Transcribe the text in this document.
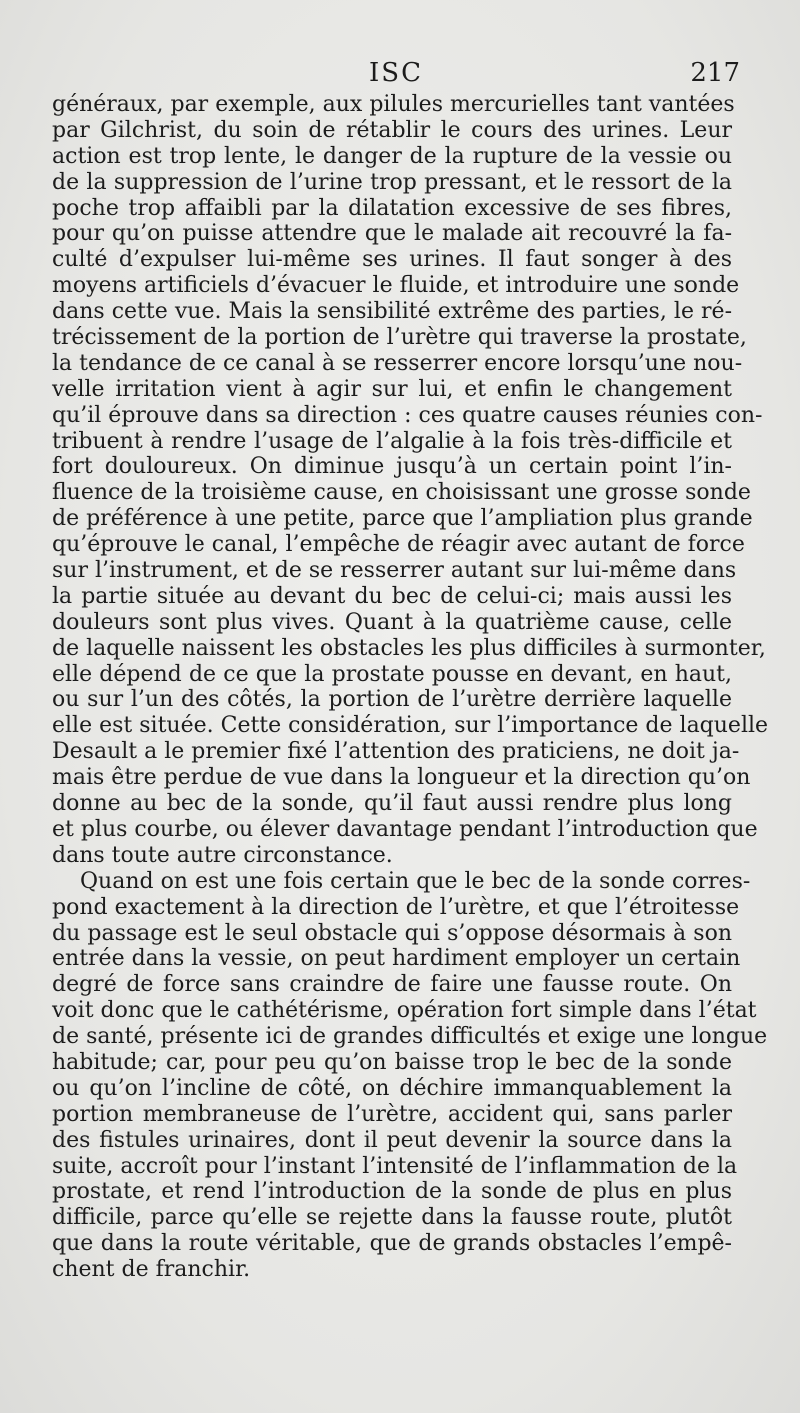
ISC	217
généraux, par exemple, aux pilules mercurielles tant vantées
par Gilchrist, du soin de rétablir le cours des urines. Leur
action est trop lente, le danger de la rupture de la vessie ou
de la suppression de l’urine trop pressant, et le ressort de la
poche trop affaibli par la dilatation excessive de ses fibres,
pour qu’on puisse attendre que le malade ait recouvré la fa-
culté d’expulser lui-même ses urines. Il faut songer à des
moyens artificiels d’évacuer le fluide, et introduire une sonde
dans cette vue. Mais la sensibilité extrême des parties, le ré-
trécissement de la portion de l’urètre qui traverse la prostate,
la tendance de ce canal à se resserrer encore lorsqu’une nou-
velle irritation vient à agir sur lui, et enfin le changement
qu’il éprouve dans sa direction : ces quatre causes réunies con-
tribuent à rendre l’usage de l’algalie à la fois très-difficile et
fort douloureux. On diminue jusqu’à un certain point l’in-
fluence de la troisième cause, en choisissant une grosse sonde
de préférence à une petite, parce que l’ampliation plus grande
qu’éprouve le canal, l’empêche de réagir avec autant de force
sur l’instrument, et de se resserrer autant sur lui-même dans
la partie située au devant du bec de celui-ci; mais aussi les
douleurs sont plus vives. Quant à la quatrième cause, celle
de laquelle naissent les obstacles les plus difficiles à surmonter,
elle dépend de ce que la prostate pousse en devant, en haut,
ou sur l’un des côtés, la portion de l’urètre derrière laquelle
elle est située. Cette considération, sur l’importance de laquelle
Desault a le premier fixé l’attention des praticiens, ne doit ja-
mais être perdue de vue dans la longueur et la direction qu’on
donne au bec de la sonde, qu’il faut aussi rendre plus long
et plus courbe, ou élever davantage pendant l’introduction que
dans toute autre circonstance.
Quand on est une fois certain que le bec de la sonde corres-
pond exactement à la direction de l’urètre, et que l’étroitesse
du passage est le seul obstacle qui s’oppose désormais à son
entrée dans la vessie, on peut hardiment employer un certain
degré de force sans craindre de faire une fausse route. On
voit donc que le cathétérisme, opération fort simple dans l’état
de santé, présente ici de grandes difficultés et exige une longue
habitude; car, pour peu qu’on baisse trop le bec de la sonde
ou qu’on l’incline de côté, on déchire immanquablement la
portion membraneuse de l’urètre, accident qui, sans parler
des fistules urinaires, dont il peut devenir la source dans la
suite, accroît pour l’instant l’intensité de l’inflammation de la
prostate, et rend l’introduction de la sonde de plus en plus
difficile, parce qu’elle se rejette dans la fausse route, plutôt
que dans la route véritable, que de grands obstacles l’empê-
chent de franchir.
